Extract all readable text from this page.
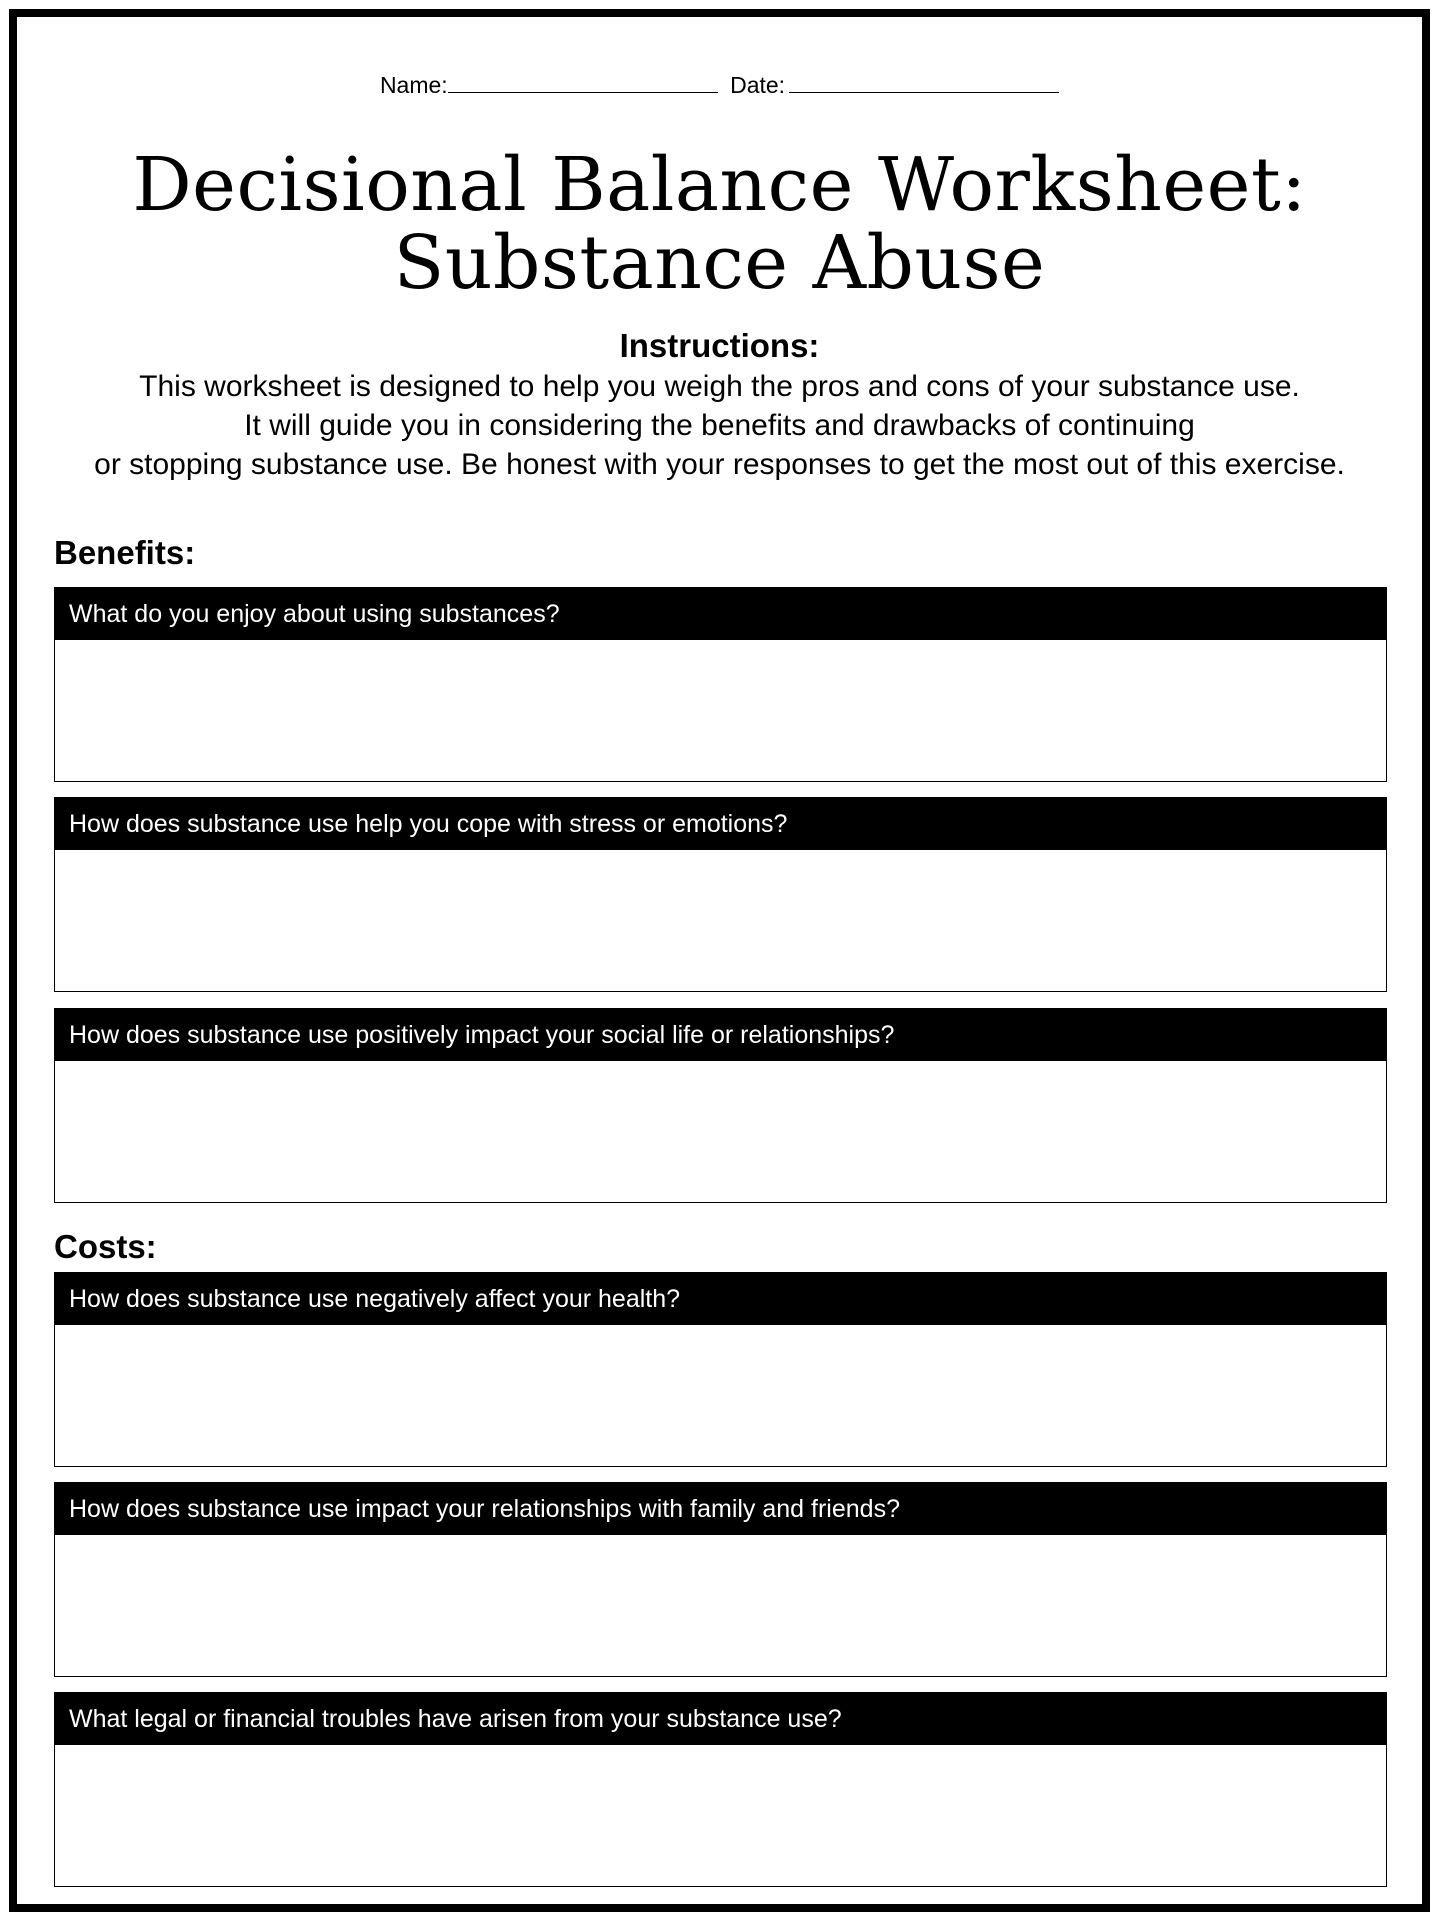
Name:	Date:
Decisional Balance Worksheet:
Substance Abuse
Instructions:
This worksheet is designed to help you weigh the pros and cons of your substance use.
It will guide you in considering the benefits and drawbacks of continuing
or stopping substance use. Be honest with your responses to get the most out of this exercise.
Benefits:
What do you enjoy about using substances?
How does substance use help you cope with stress or emotions?
How does substance use positively impact your social life or relationships?
Costs:
How does substance use negatively affect your health?
How does substance use impact your relationships with family and friends?
What legal or financial troubles have arisen from your substance use?
